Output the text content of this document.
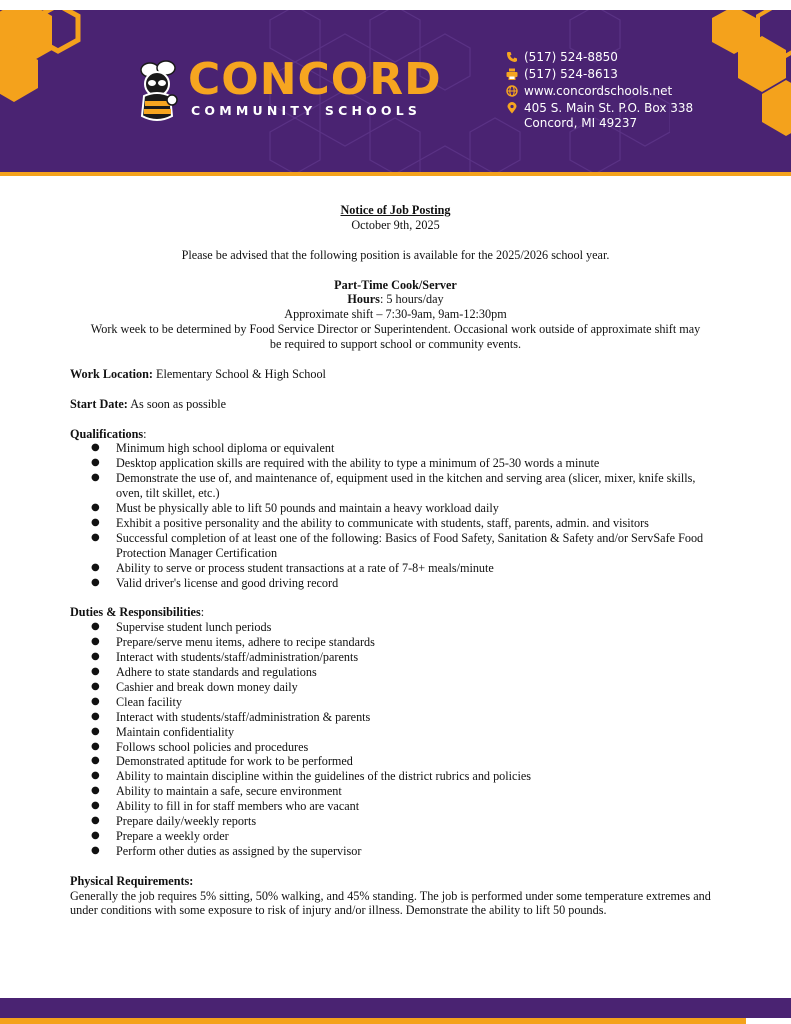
CONCORD
COMMUNITY SCHOOLS
(517) 524-8850
(517) 524-8613
www.concordschools.net
405 S. Main St. P.O. Box 338
Concord, MI 49237
Notice of Job Posting
October 9th, 2025
Please be advised that the following position is available for the 2025/2026 school year.
Part-Time Cook/Server
Hours: 5 hours/day
Approximate shift – 7:30-9am, 9am-12:30pm
Work week to be determined by Food Service Director or Superintendent. Occasional work outside of approximate shift may
be required to support school or community events.
Work Location: Elementary School & High School
Start Date: As soon as possible
Qualifications:
● Minimum high school diploma or equivalent
● Desktop application skills are required with the ability to type a minimum of 25-30 words a minute
● Demonstrate the use of, and maintenance of, equipment used in the kitchen and serving area (slicer, mixer, knife skills, oven, tilt skillet, etc.)
● Must be physically able to lift 50 pounds and maintain a heavy workload daily
● Exhibit a positive personality and the ability to communicate with students, staff, parents, admin. and visitors
● Successful completion of at least one of the following: Basics of Food Safety, Sanitation & Safety and/or ServSafe Food Protection Manager Certification
● Ability to serve or process student transactions at a rate of 7-8+ meals/minute
● Valid driver's license and good driving record
Duties & Responsibilities:
● Supervise student lunch periods
● Prepare/serve menu items, adhere to recipe standards
● Interact with students/staff/administration/parents
● Adhere to state standards and regulations
● Cashier and break down money daily
● Clean facility
● Interact with students/staff/administration & parents
● Maintain confidentiality
● Follows school policies and procedures
● Demonstrated aptitude for work to be performed
● Ability to maintain discipline within the guidelines of the district rubrics and policies
● Ability to maintain a safe, secure environment
● Ability to fill in for staff members who are vacant
● Prepare daily/weekly reports
● Prepare a weekly order
● Perform other duties as assigned by the supervisor
Physical Requirements:
Generally the job requires 5% sitting, 50% walking, and 45% standing. The job is performed under some temperature extremes and under conditions with some exposure to risk of injury and/or illness. Demonstrate the ability to lift 50 pounds.
